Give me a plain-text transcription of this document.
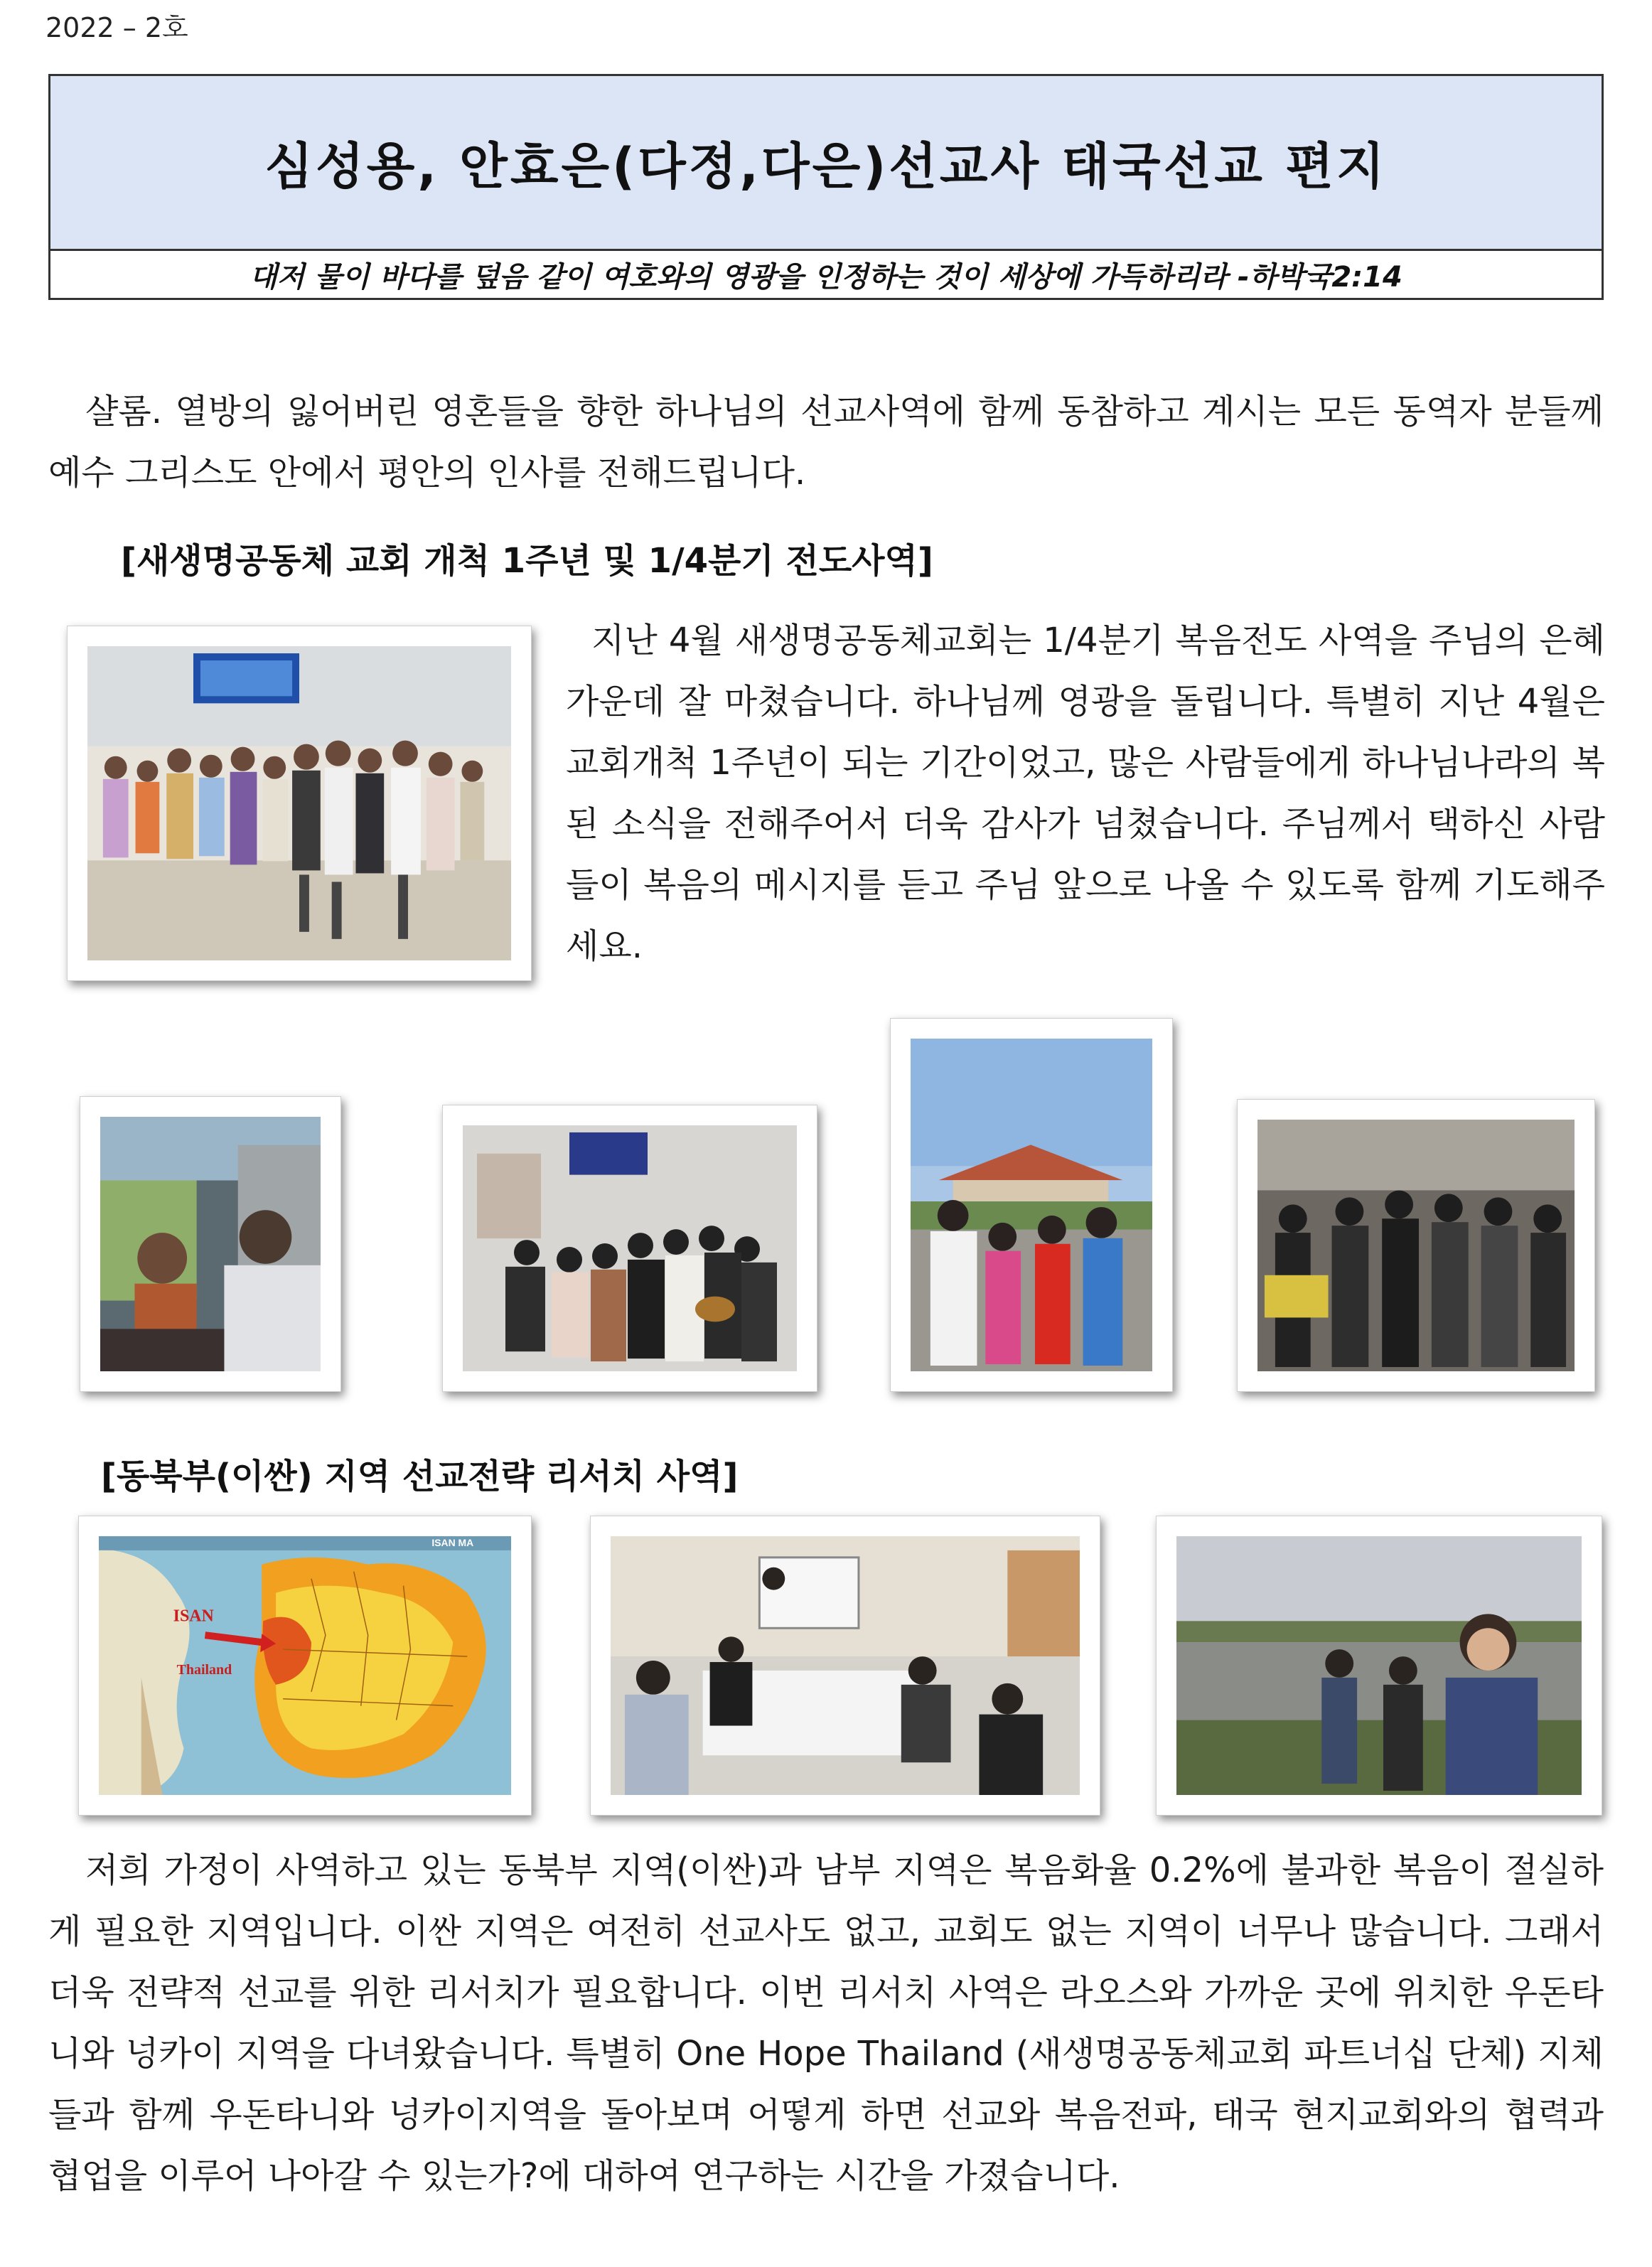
2022 – 2호
심성용, 안효은(다정,다은)선교사 태국선교 편지
대저 물이 바다를 덮음 같이 여호와의 영광을 인정하는 것이 세상에 가득하리라 -하박국2:14
샬롬. 열방의 잃어버린 영혼들을 향한 하나님의 선교사역에 함께 동참하고 계시는 모든 동역자 분들께 예수 그리스도 안에서 평안의 인사를 전해드립니다.
[새생명공동체 교회 개척 1주년 및 1/4분기 전도사역]
지난 4월 새생명공동체교회는 1/4분기 복음전도 사역을 주님의 은혜 가운데 잘 마쳤습니다. 하나님께 영광을 돌립니다. 특별히 지난 4월은 교회개척 1주년이 되는 기간이었고, 많은 사람들에게 하나님나라의 복된 소식을 전해주어서 더욱 감사가 넘쳤습니다. 주님께서 택하신 사람들이 복음의 메시지를 듣고 주님 앞으로 나올 수 있도록 함께 기도해주세요.
[동북부(이싼) 지역 선교전략 리서치 사역]
ISAN
Thailand
ISAN MA
저희 가정이 사역하고 있는 동북부 지역(이싼)과 남부 지역은 복음화율 0.2%에 불과한 복음이 절실하게 필요한 지역입니다. 이싼 지역은 여전히 선교사도 없고, 교회도 없는 지역이 너무나 많습니다. 그래서 더욱 전략적 선교를 위한 리서치가 필요합니다. 이번 리서치 사역은 라오스와 가까운 곳에 위치한 우돈타니와 넝카이 지역을 다녀왔습니다. 특별히 One Hope Thailand (새생명공동체교회 파트너십 단체) 지체들과 함께 우돈타니와 넝카이지역을 돌아보며 어떻게 하면 선교와 복음전파, 태국 현지교회와의 협력과 협업을 이루어 나아갈 수 있는가?에 대하여 연구하는 시간을 가졌습니다.
